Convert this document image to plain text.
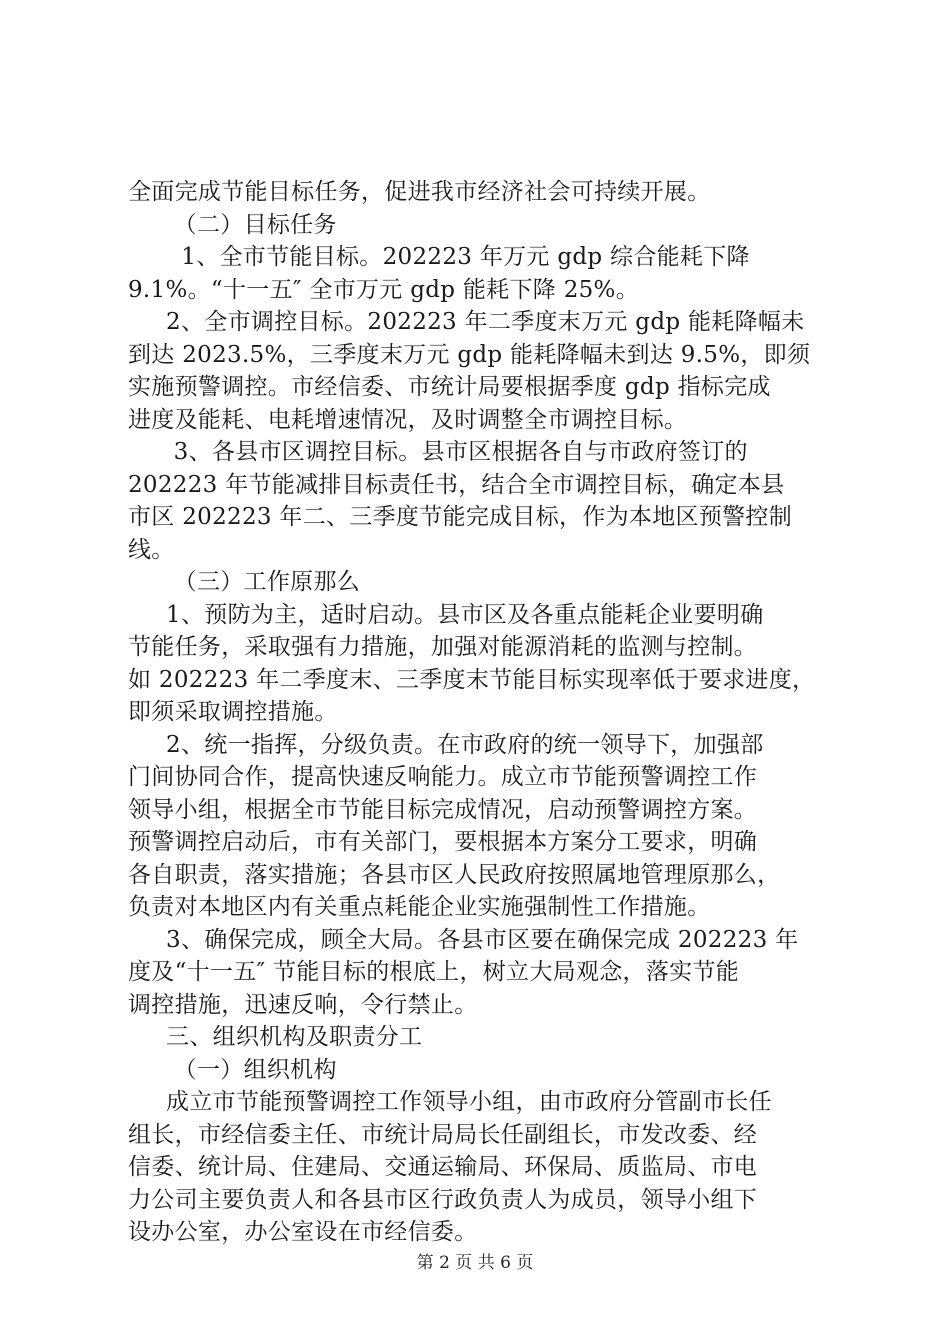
全面完成节能目标任务，促进我市经济社会可持续开展。
（二）目标任务
1、全市节能目标。202223 年万元 gdp 综合能耗下降
9.1%。“十一五″ 全市万元 gdp 能耗下降 25%。
2、全市调控目标。202223 年二季度末万元 gdp 能耗降幅未
到达 2023.5%，三季度末万元 gdp 能耗降幅未到达 9.5%，即须
实施预警调控。市经信委、市统计局要根据季度 gdp 指标完成
进度及能耗、电耗增速情况，及时调整全市调控目标。
3、各县市区调控目标。县市区根据各自与市政府签订的
202223 年节能减排目标责任书，结合全市调控目标，确定本县
市区 202223 年二、三季度节能完成目标，作为本地区预警控制
线。
（三）工作原那么
1、预防为主，适时启动。县市区及各重点能耗企业要明确
节能任务，采取强有力措施，加强对能源消耗的监测与控制。
如 202223 年二季度末、三季度末节能目标实现率低于要求进度，
即须采取调控措施。
2、统一指挥，分级负责。在市政府的统一领导下，加强部
门间协同合作，提高快速反响能力。成立市节能预警调控工作
领导小组，根据全市节能目标完成情况，启动预警调控方案。
预警调控启动后，市有关部门，要根据本方案分工要求，明确
各自职责，落实措施；各县市区人民政府按照属地管理原那么，
负责对本地区内有关重点耗能企业实施强制性工作措施。
3、确保完成，顾全大局。各县市区要在确保完成 202223 年
度及“十一五″ 节能目标的根底上，树立大局观念，落实节能
调控措施，迅速反响，令行禁止。
三、组织机构及职责分工
（一）组织机构
成立市节能预警调控工作领导小组，由市政府分管副市长任
组长，市经信委主任、市统计局局长任副组长，市发改委、经
信委、统计局、住建局、交通运输局、环保局、质监局、市电
力公司主要负责人和各县市区行政负责人为成员，领导小组下
设办公室，办公室设在市经信委。
第 2 页 共 6 页
